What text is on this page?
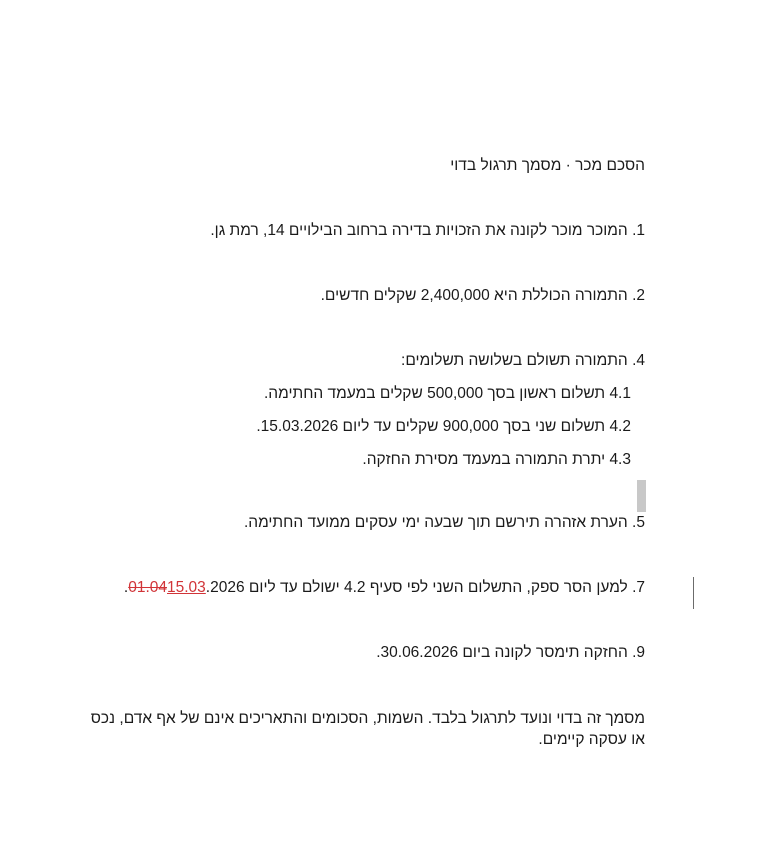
הסכם מכר · מסמך תרגול בדוי
1. המוכר מוכר לקונה את הזכויות בדירה ברחוב הבילויים 14, רמת גן.
2. התמורה הכוללת היא 2,400,000 שקלים חדשים.
4. התמורה תשולם בשלושה תשלומים:
4.1 תשלום ראשון בסך 500,000 שקלים במעמד החתימה.
4.2 תשלום שני בסך 900,000 שקלים עד ליום 15.03.2026.
4.3 יתרת התמורה במעמד מסירת החזקה.
5. הערת אזהרה תירשם תוך שבעה ימי עסקים ממועד החתימה.
7. למען הסר ספק, התשלום השני לפי סעיף 4.2 ישולם עד ליום 01.0415.03.2026.
9. החזקה תימסר לקונה ביום 30.06.2026.
מסמך זה בדוי ונועד לתרגול בלבד. השמות, הסכומים והתאריכים אינם של אף אדם, נכס או עסקה קיימים.
